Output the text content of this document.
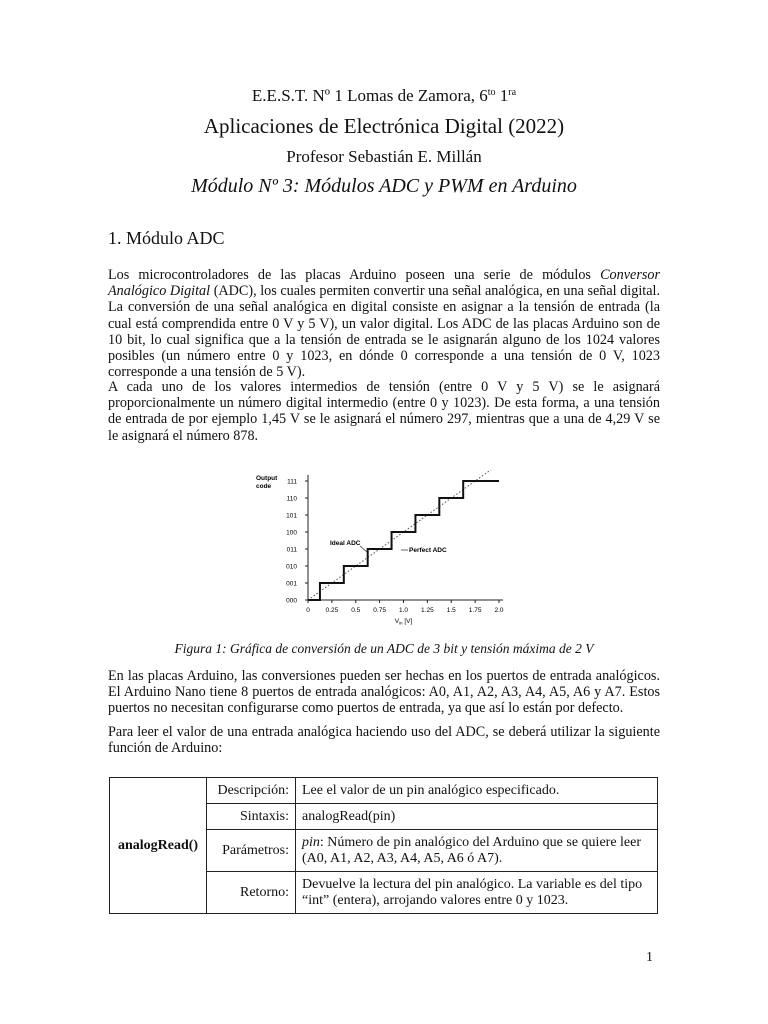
E.E.S.T. Nº 1 Lomas de Zamora, $6^{to}$ $1^{ra}$
Aplicaciones de Electrónica Digital (2022)
Profesor Sebastián E. Millán
Módulo Nº 3: Módulos ADC y PWM en Arduino
1. Módulo ADC
Los microcontroladores de las placas Arduino poseen una serie de módulos Conversor Analógico Digital (ADC), los cuales permiten convertir una señal analógica, en una señal digital. La conversión de una señal analógica en digital consiste en asignar a la tensión de entrada (la cual está comprendida entre 0 V y 5 V), un valor digital. Los ADC de las placas Arduino son de 10 bit, lo cual significa que a la tensión de entrada se le asignarán alguno de los 1024 valores posibles (un número entre 0 y 1023, en dónde 0 corresponde a una tensión de 0 V, 1023 corresponde a una tensión de 5 V).
A cada uno de los valores intermedios de tensión (entre 0 V y 5 V) se le asignará proporcionalmente un número digital intermedio (entre 0 y 1023). De esta forma, a una tensión de entrada de por ejemplo 1,45 V se le asignará el número 297, mientras que a una de 4,29 V se le asignará el número 878.
0 0.25 0.5 0.75 1.0 1.25 1.5 1.75 2.0
000
001
010
011
100
101
110
111
Output
code
$V_{in}$ [V]
Ideal ADC
Perfect ADC
Figura 1: Gráfica de conversión de un ADC de 3 bit y tensión máxima de 2 V
En las placas Arduino, las conversiones pueden ser hechas en los puertos de entrada analógicos. El Arduino Nano tiene 8 puertos de entrada analógicos: A0, A1, A2, A3, A4, A5, A6 y A7. Estos puertos no necesitan configurarse como puertos de entrada, ya que así lo están por defecto.
Para leer el valor de una entrada analógica haciendo uso del ADC, se deberá utilizar la siguiente función de Arduino:
analogRead()	Descripción:	Lee el valor de un pin analógico especificado.
	Sintaxis:	analogRead(pin)
	Parámetros:	pin: Número de pin analógico del Arduino que se quiere leer (A0, A1, A2, A3, A4, A5, A6 ó A7).
	Retorno:	Devuelve la lectura del pin analógico. La variable es del tipo “int” (entera), arrojando valores entre 0 y 1023.
1
